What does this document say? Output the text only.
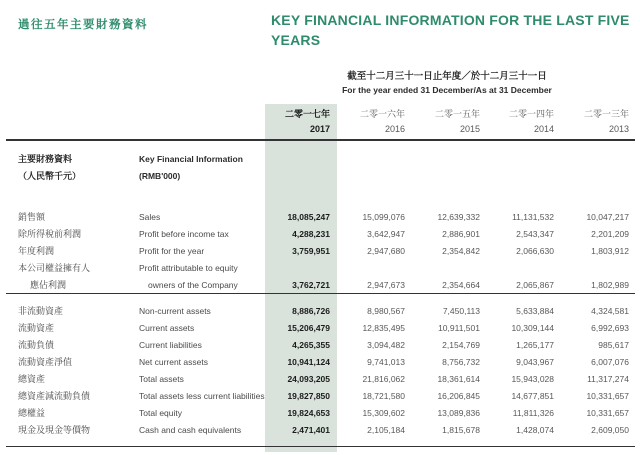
過往五年主要財務資料	KEY FINANCIAL INFORMATION FOR THE LAST FIVE YEARS
截至十二月三十一日止年度／於十二月三十一日
For the year ended 31 December/As at 31 December
二零一七年	二零一六年	二零一五年	二零一四年	二零一三年
2017	2016	2015	2014	2013
主要財務資料	Key Financial Information
（人民幣千元）	(RMB'000)
銷售額	Sales	18,085,247	15,099,076	12,639,332	11,131,532	10,047,217
除所得稅前利潤	Profit before income tax	4,288,231	3,642,947	2,886,901	2,543,347	2,201,209
年度利潤	Profit for the year	3,759,951	2,947,680	2,354,842	2,066,630	1,803,912
本公司權益擁有人	Profit attributable to equity
應佔利潤	owners of the Company	3,762,721	2,947,673	2,354,664	2,065,867	1,802,989
非流動資產	Non-current assets	8,886,726	8,980,567	7,450,113	5,633,884	4,324,581
流動資產	Current assets	15,206,479	12,835,495	10,911,501	10,309,144	6,992,693
流動負債	Current liabilities	4,265,355	3,094,482	2,154,769	1,265,177	985,617
流動資產淨值	Net current assets	10,941,124	9,741,013	8,756,732	9,043,967	6,007,076
總資產	Total assets	24,093,205	21,816,062	18,361,614	15,943,028	11,317,274
總資產減流動負債	Total assets less current liabilities	19,827,850	18,721,580	16,206,845	14,677,851	10,331,657
總權益	Total equity	19,824,653	15,309,602	13,089,836	11,811,326	10,331,657
現金及現金等價物	Cash and cash equivalents	2,471,401	2,105,184	1,815,678	1,428,074	2,609,050
